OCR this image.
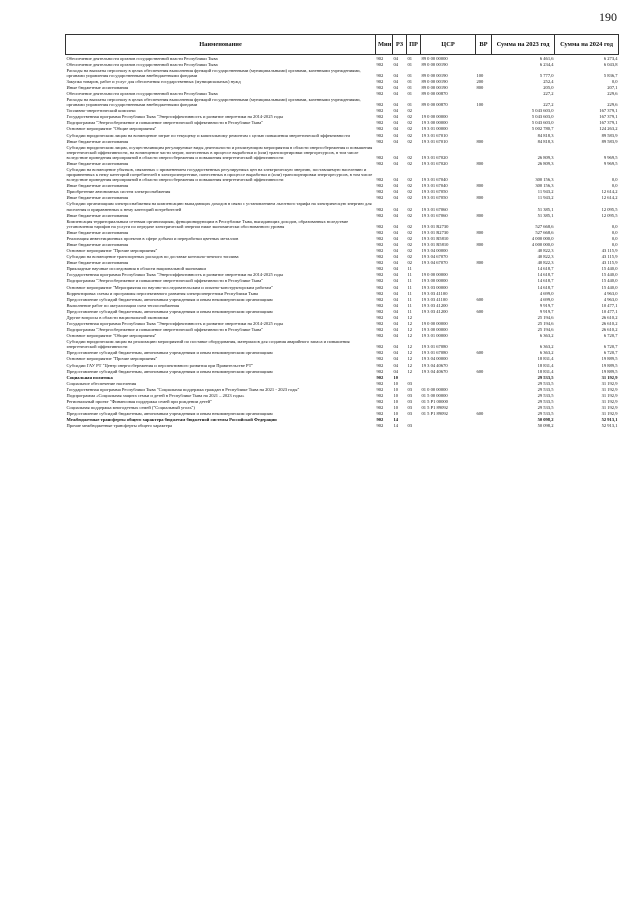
190
Наименование	Мин	РЗ	ПР	ЦСР	ВР	Сумма на 2023 год	Сумма на 2024 год
Обеспечение деятельности органов государственной власти Республики Тыва	902	04	01	89 0 00 00000		6 461,6	6 273,4
Обеспечение деятельности органов государственной власти Республики Тыва	902	04	01	89 0 00 00190		6 234,4	6 043,8
Расходы на выплаты персоналу в целях обеспечения выполнения функций государственными (муниципальными) органами, казенными учреждениями, органами управления государственными внебюджетными фондами	902	04	01	89 0 00 00190	100	5 777,0	5 836,7
Закупка товаров, работ и услуг для обеспечения государственных (муниципальных) нужд	902	04	01	89 0 00 00190	200	252,4	0,0
Иные бюджетные ассигнования	902	04	01	89 0 00 00190	800	205,0	207,1
Обеспечение деятельности органов государственной власти Республики Тыва	902	04	01	89 0 00 00870		227,2	229,6
Расходы на выплаты персоналу в целях обеспечения выполнения функций государственными (муниципальными) органами, казенными учреждениями, органами управления государственными внебюджетными фондами	902	04	01	89 0 00 00870	100	227,2	229,6
Топливно-энергетический комплекс	902	04	02			5 043 603,0	167 379,1
Государственная программа Республики Тыва "Энергоэффективность и развитие энергетики на 2014-2025 годы	902	04	02	19 0 00 00000		5 043 603,0	167 379,1
Подпрограмма "Энергосбережение и повышение энергетической эффективности в Республике Тыва"	902	04	02	19 3 00 00000		5 043 603,0	167 379,1
Основное мероприятие "Общие мероприятия"	902	04	02	19 3 01 00000		5 002 780,7	124 263,2
Субсидии юридическим лицам на возмещение затрат по текущему и капитальному ремонтам с целью повышения энергетической эффективности	902	04	02	19 3 01 67010		84 818,3	89 583,9
Иные бюджетные ассигнования	902	04	02	19 3 01 67010	800	84 818,3	89 583,9
Субсидии юридическим лицам, осуществляющим регулируемые виды деятельности и реализующим мероприятия в области энергосбережения и повышения энергетической эффективности, на возмещение части затрат, понесенных в процессе выработки и (или) транспортировки энергоресурсов, в том числе вследствие проведения мероприятий в области энергосбережения и повышения энергетической эффективности	902	04	02	19 3 01 67020		26 809,3	9 969,5
Иные бюджетные ассигнования	902	04	02	19 3 01 67020	800	26 809,3	9 969,5
Субсидии на возмещение убытков, связанных с применением государственных регулируемых цен на электрическую энергию, поставляемую населению и приравненных к нему категорий потребителей в электроэнергетике, понесенных в процессе выработки и (или) транспортировки энергоресурсов, в том числе вследствие проведения мероприятий в области энергосбережения и повышения энергетической эффективности	902	04	02	19 3 01 67040		300 156,3	0,0
Иные бюджетные ассигнования	902	04	02	19 3 01 67040	800	300 156,3	0,0
Приобретение автономных систем электроснабжения	902	04	02	19 3 01 67050		11 943,2	12 614,2
Иные бюджетные ассигнования	902	04	02	19 3 01 67050	800	11 943,2	12 614,2
Субсидии организациям электроснабжения на компенсацию выпадающих доходов в связи с установлением льготного тарифа на электрическую энергию для населения и приравненных к нему категорий потребителей	902	04	02	19 3 01 67060		51 385,1	12 095,5
Иные бюджетные ассигнования	902	04	02	19 3 01 67060	800	51 385,1	12 095,5
Компенсация территориальным сетевым организациям, функционирующим в Республике Тыва, выпадающих доходов, образованных вследствие установления тарифов на услуги по передаче электрической энергии ниже экономически обоснованного уровня	902	04	02	19 3 01 R2730		527 668,6	0,0
Иные бюджетные ассигнования	902	04	02	19 3 01 R2730	800	527 668,6	0,0
Реализация инвестиционных проектов в сфере добычи и переработки цветных металлов	902	04	02	19 3 01 R5810		4 000 000,0	0,0
Иные бюджетные ассигнования	902	04	02	19 3 01 R5810	800	4 000 000,0	0,0
Основное мероприятие "Прочие мероприятия"	902	04	02	19 3 04 00000		40 822,3	43 115,9
Субсидии на возмещение транспортных расходов по доставке котельно-печного топлива	902	04	02	19 3 04 67070		40 822,3	43 115,9
Иные бюджетные ассигнования	902	04	02	19 3 04 67070	800	40 822,3	43 115,9
Прикладные научные исследования в области национальной экономики	902	04	11			14 618,7	15 440,0
Государственная программа Республики Тыва "Энергоэффективность и развитие энергетики на 2014-2025 годы	902	04	11	19 0 00 00000		14 618,7	15 440,0
Подпрограмма "Энергосбережение и повышение энергетической эффективности в Республике Тыва"	902	04	11	19 3 00 00000		14 618,7	15 440,0
Основное мероприятие "Мероприятия по научно-исследовательским и опытно-конструкторским работам"	902	04	11	19 3 03 00000		14 618,7	15 440,0
Корректировка схемы и программы перспективного развития электроэнергетики Республики Тыва	902	04	11	19 3 03 41100		4 699,0	4 963,0
Предоставление субсидий бюджетным, автономным учреждениям и иным некоммерческим организациям	902	04	11	19 3 03 41100	600	4 699,0	4 963,0
Выполнение работ по актуализации схем теплоснабжения	902	04	11	19 3 03 41200		9 919,7	10 477,1
Предоставление субсидий бюджетным, автономным учреждениям и иным некоммерческим организациям	902	04	11	19 3 03 41200	600	9 919,7	10 477,1
Другие вопросы в области национальной экономики	902	04	12			25 194,6	26 610,2
Государственная программа Республики Тыва "Энергоэффективность и развитие энергетики на 2014-2025 годы	902	04	12	19 0 00 00000		25 194,6	26 610,2
Подпрограмма "Энергосбережение и повышение энергетической эффективности в Республике Тыва"	902	04	12	19 3 00 00000		25 194,6	26 610,2
Основное мероприятие "Общие мероприятия"	902	04	12	19 3 01 00000		6 363,2	6 720,7
Субсидии юридическим лицам на реализацию мероприятий по поставке оборудования, материалов для создания аварийного запаса и повышения энергетической эффективности	902	04	12	19 3 01 67080		6 363,2	6 720,7
Предоставление субсидий бюджетным, автономным учреждениям и иным некоммерческим организациям	902	04	12	19 3 01 67080	600	6 363,2	6 720,7
Основное мероприятие "Прочие мероприятия"	902	04	12	19 3 04 00000		18 831,4	19 889,5
Субсидии ГАУ РТ "Центр энергосбережения и перспективного развития при Правительстве РТ"	902	04	12	19 3 04 40670		18 831,4	19 889,5
Предоставление субсидий бюджетным, автономным учреждениям и иным некоммерческим организациям	902	04	12	19 3 04 40670	600	18 831,4	19 889,5
Социальная политика	902	10				29 533,5	31 192,9
Социальное обеспечение населения	902	10	03			29 533,5	31 192,9
Государственная программа Республики Тыва "Социальная поддержка граждан в Республике Тыва на 2021 - 2023 годы"	902	10	03	01 0 00 00000		29 533,5	31 192,9
Подпрограмма «Социальная защита семьи и детей в Республике Тыва на 2021 – 2023 годы»	902	10	03	01 5 00 00000		29 533,5	31 192,9
Региональный проект "Финансовая поддержка семей при рождении детей"	902	10	03	01 5 P1 00000		29 533,5	31 192,9
Социальная поддержка многодетных семей ("Социальный уголь")	902	10	03	01 5 P1 89092		29 533,5	31 192,9
Предоставление субсидий бюджетным, автономным учреждениям и иным некоммерческим организациям	902	10	03	01 5 P1 89092	600	29 533,5	31 192,9
Межбюджетные трансферты общего характера бюджетам бюджетной системы Российской Федерации	902	14				50 098,2	52 913,1
Прочие межбюджетные трансферты общего характера	902	14	03			50 098,2	52 913,1
